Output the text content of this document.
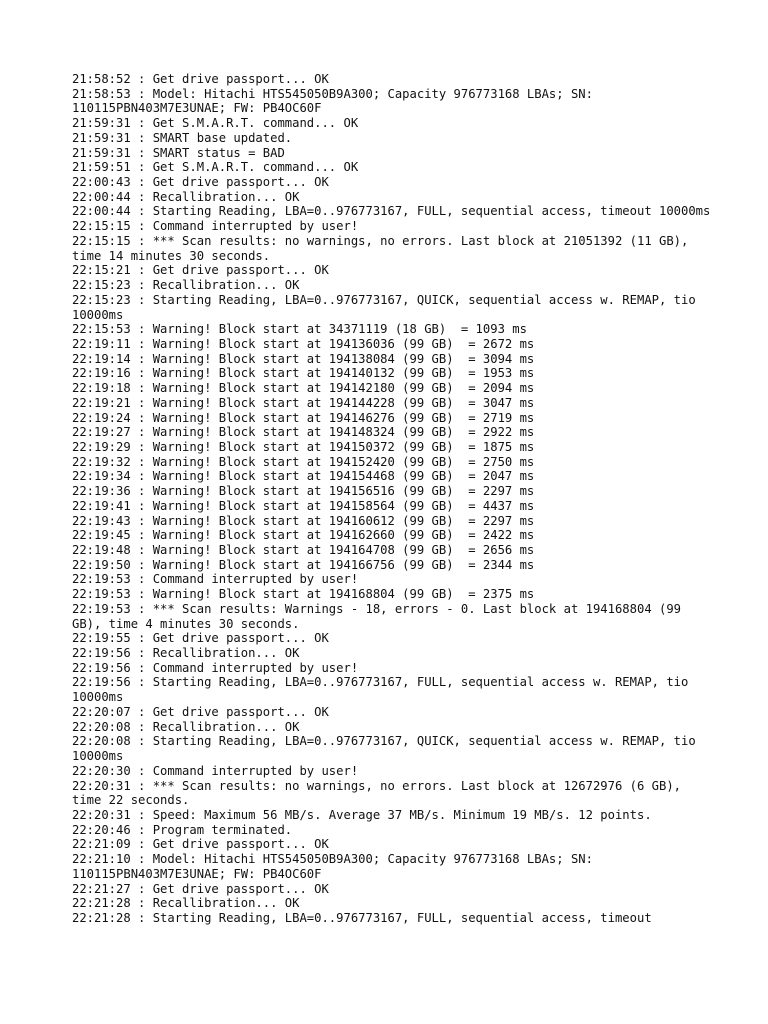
21:58:52 : Get drive passport... OK
21:58:53 : Model: Hitachi HTS545050B9A300; Capacity 976773168 LBAs; SN: 110115PBN403M7E3UNAE; FW: PB4OC60F
21:59:31 : Get S.M.A.R.T. command... OK
21:59:31 : SMART base updated.
21:59:31 : SMART status = BAD
21:59:51 : Get S.M.A.R.T. command... OK
22:00:43 : Get drive passport... OK
22:00:44 : Recallibration... OK
22:00:44 : Starting Reading, LBA=0..976773167, FULL, sequential access, timeout 10000ms
22:15:15 : Command interrupted by user!
22:15:15 : *** Scan results: no warnings, no errors. Last block at 21051392 (11 GB), time 14 minutes 30 seconds.
22:15:21 : Get drive passport... OK
22:15:23 : Recallibration... OK
22:15:23 : Starting Reading, LBA=0..976773167, QUICK, sequential access w. REMAP, tio 10000ms
22:15:53 : Warning! Block start at 34371119 (18 GB)  = 1093 ms
22:19:11 : Warning! Block start at 194136036 (99 GB)  = 2672 ms
22:19:14 : Warning! Block start at 194138084 (99 GB)  = 3094 ms
22:19:16 : Warning! Block start at 194140132 (99 GB)  = 1953 ms
22:19:18 : Warning! Block start at 194142180 (99 GB)  = 2094 ms
22:19:21 : Warning! Block start at 194144228 (99 GB)  = 3047 ms
22:19:24 : Warning! Block start at 194146276 (99 GB)  = 2719 ms
22:19:27 : Warning! Block start at 194148324 (99 GB)  = 2922 ms
22:19:29 : Warning! Block start at 194150372 (99 GB)  = 1875 ms
22:19:32 : Warning! Block start at 194152420 (99 GB)  = 2750 ms
22:19:34 : Warning! Block start at 194154468 (99 GB)  = 2047 ms
22:19:36 : Warning! Block start at 194156516 (99 GB)  = 2297 ms
22:19:41 : Warning! Block start at 194158564 (99 GB)  = 4437 ms
22:19:43 : Warning! Block start at 194160612 (99 GB)  = 2297 ms
22:19:45 : Warning! Block start at 194162660 (99 GB)  = 2422 ms
22:19:48 : Warning! Block start at 194164708 (99 GB)  = 2656 ms
22:19:50 : Warning! Block start at 194166756 (99 GB)  = 2344 ms
22:19:53 : Command interrupted by user!
22:19:53 : Warning! Block start at 194168804 (99 GB)  = 2375 ms
22:19:53 : *** Scan results: Warnings - 18, errors - 0. Last block at 194168804 (99 GB), time 4 minutes 30 seconds.
22:19:55 : Get drive passport... OK
22:19:56 : Recallibration... OK
22:19:56 : Command interrupted by user!
22:19:56 : Starting Reading, LBA=0..976773167, FULL, sequential access w. REMAP, tio 10000ms
22:20:07 : Get drive passport... OK
22:20:08 : Recallibration... OK
22:20:08 : Starting Reading, LBA=0..976773167, QUICK, sequential access w. REMAP, tio 10000ms
22:20:30 : Command interrupted by user!
22:20:31 : *** Scan results: no warnings, no errors. Last block at 12672976 (6 GB), time 22 seconds.
22:20:31 : Speed: Maximum 56 MB/s. Average 37 MB/s. Minimum 19 MB/s. 12 points.
22:20:46 : Program terminated.
22:21:09 : Get drive passport... OK
22:21:10 : Model: Hitachi HTS545050B9A300; Capacity 976773168 LBAs; SN: 110115PBN403M7E3UNAE; FW: PB4OC60F
22:21:27 : Get drive passport... OK
22:21:28 : Recallibration... OK
22:21:28 : Starting Reading, LBA=0..976773167, FULL, sequential access, timeout
